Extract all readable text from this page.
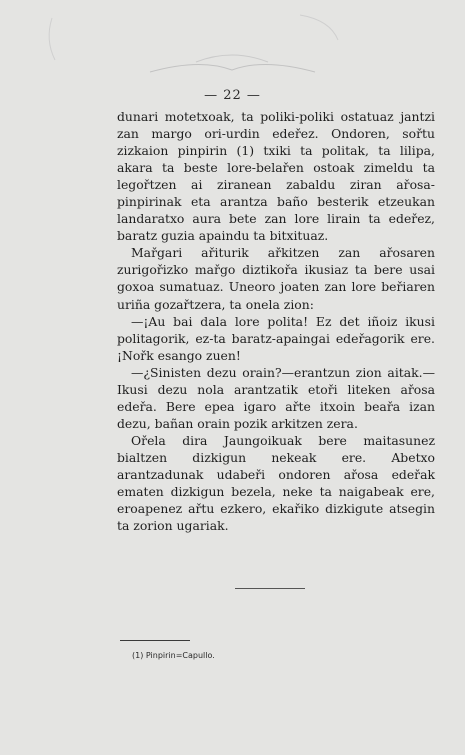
— 22 —

dunari motetxoak, ta poliki-poliki ostatuaz jantzi zan margo ori-urdin edeřez. Ondoren, sořtu zizkaion pinpirin (1) txiki ta politak, ta lilipa, akara ta beste lore-belařen ostoak zimeldu ta legořtzen ai ziranean zabaldu ziran ařosa-pinpirinak eta arantza baño besterik etzeukan landaratxo aura bete zan lore lirain ta edeřez, baratz guzia apaindu ta bitxituaz.

Mařgari ařiturik ařkitzen zan ařosaren zurigořizko mařgo diztikořa ikusiaz ta bere usai goxoa sumatuaz. Uneoro joaten zan lore beřiaren uriña gozařtzera, ta onela zion:

—¡Au bai dala lore polita! Ez det iñoiz ikusi politagorik, ez-ta baratz-apaingai edeřagorik ere. ¡Nořk esango zuen!

—¿Sinisten dezu orain?—erantzun zion aitak.—Ikusi dezu nola arantzatik etoři liteken ařosa edeřa. Bere epea igaro ařte itxoin beařa izan dezu, bañan orain pozik arkitzen zera.

Ořela dira Jaungoikuak bere maitasunez bialtzen dizkigun nekeak ere. Abetxo arantzadunak udabeři ondoren ařosa edeřak ematen dizkigun bezela, neke ta naigabeak ere, eroapenez ařtu ezkero, ekařiko dizkigute atsegin ta zorion ugariak.

(1) Pinpirin=Capullo.
